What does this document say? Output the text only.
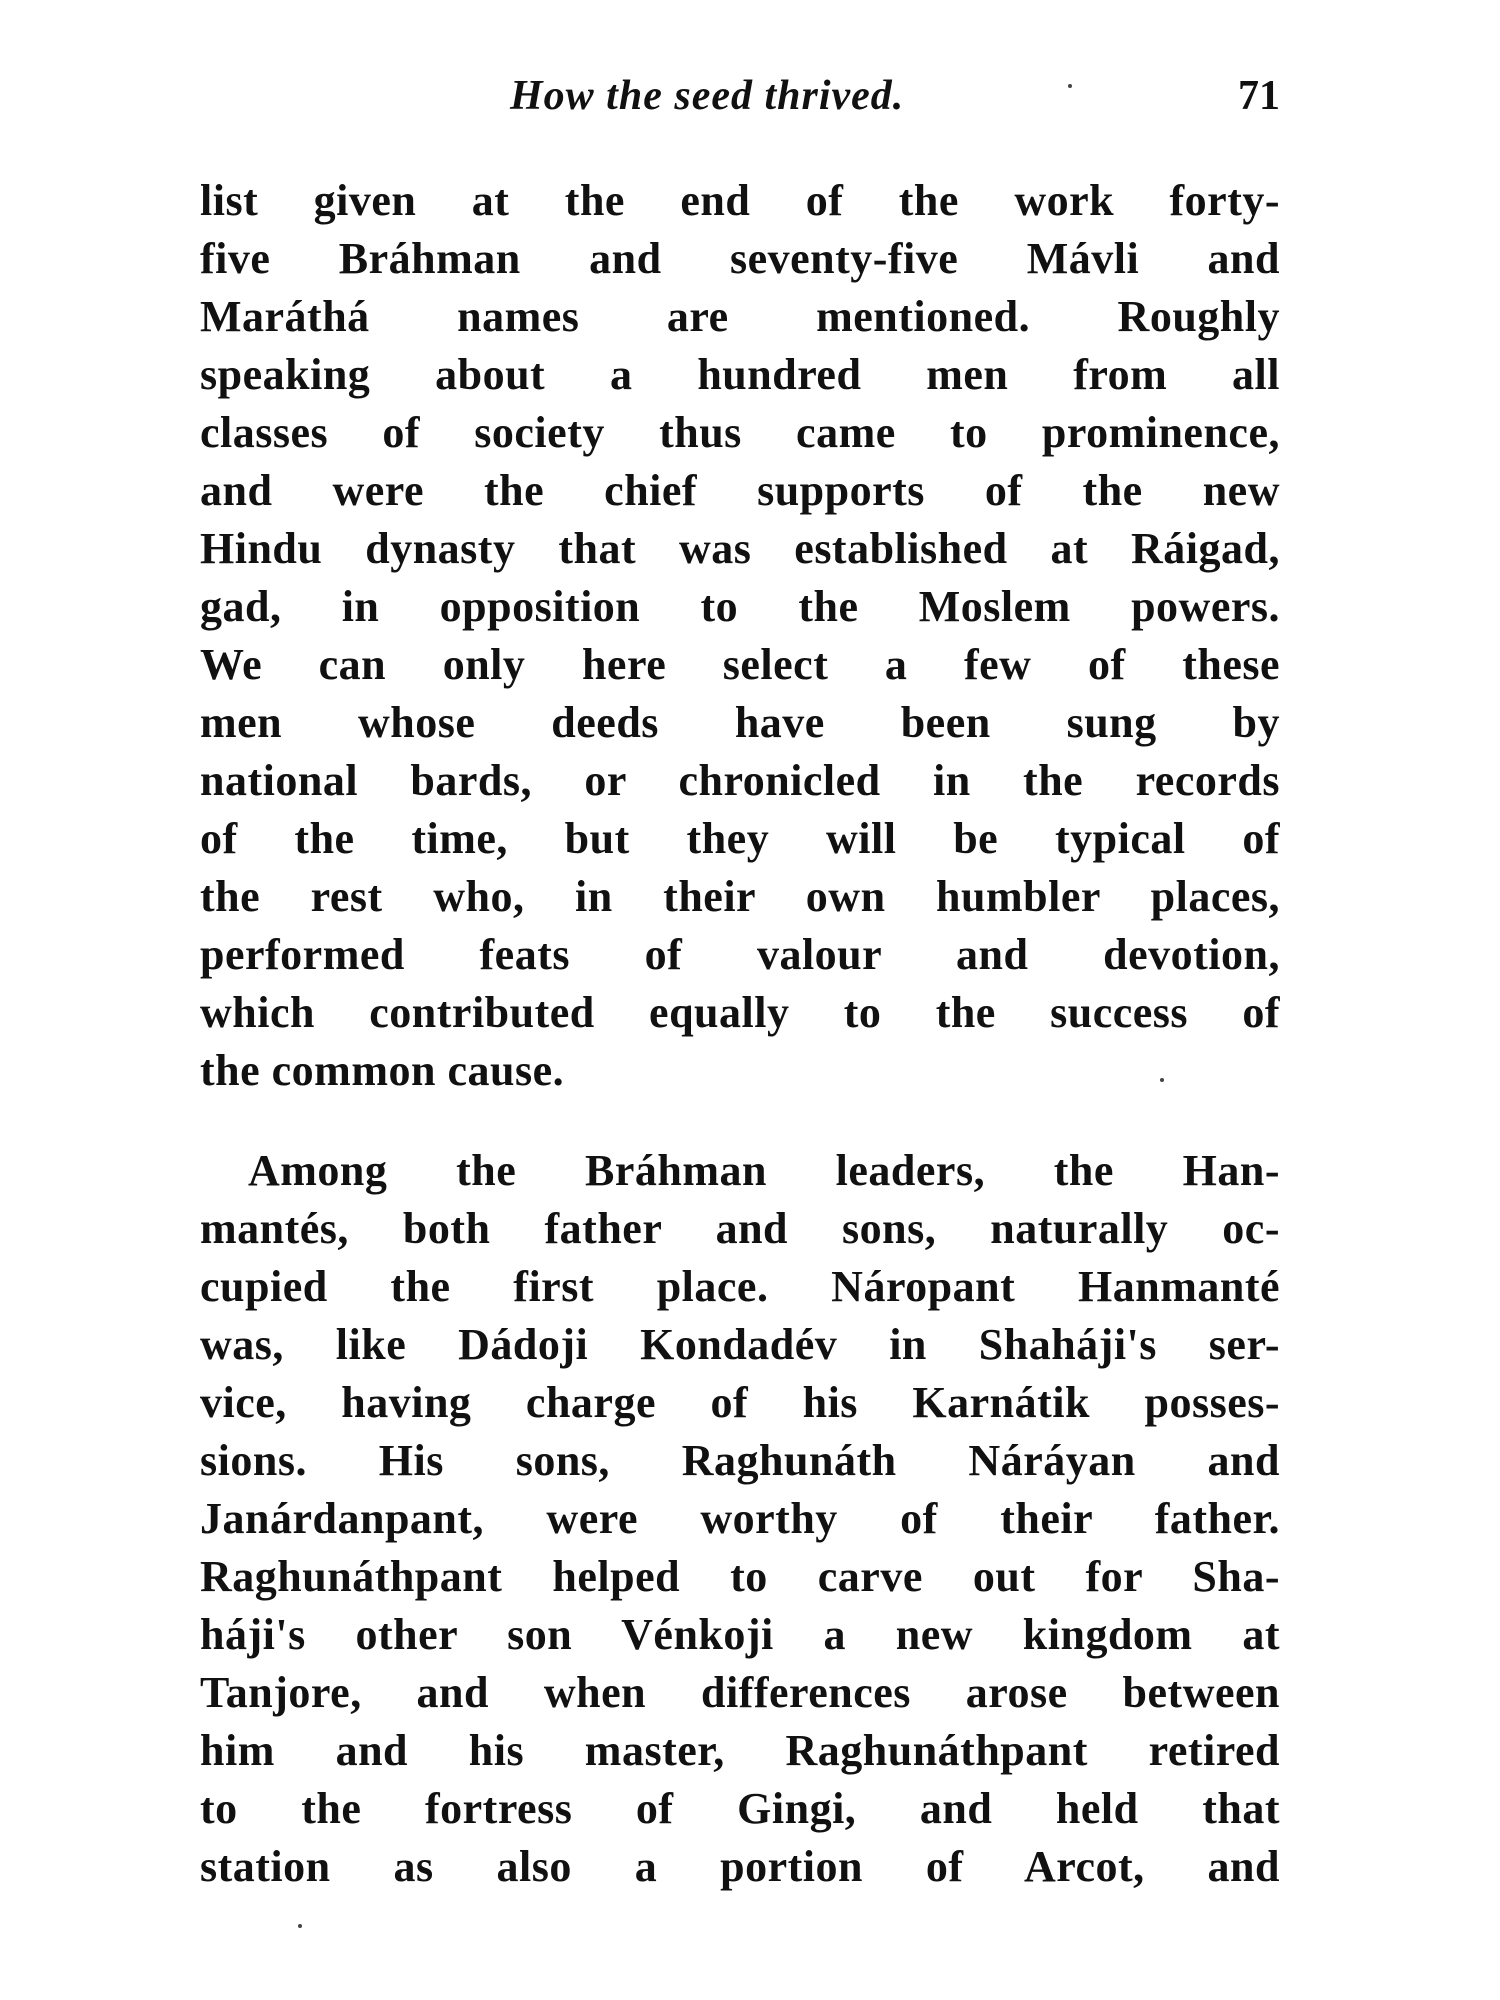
How the seed thrived.	71
list given at the end of the work forty-
five Bráhman and seventy-five Mávli and
Maráthá names are mentioned. Roughly
speaking about a hundred men from all
classes of society thus came to prominence,
and were the chief supports of the new
Hindu dynasty that was established at Ráigad,
gad, in opposition to the Moslem powers.
We can only here select a few of these
men whose deeds have been sung by
national bards, or chronicled in the records
of the time, but they will be typical of
the rest who, in their own humbler places,
performed feats of valour and devotion,
which contributed equally to the success of
the common cause.
Among the Bráhman leaders, the Han-
mantés, both father and sons, naturally oc-
cupied the first place. Náropant Hanmanté
was, like Dádoji Kondadév in Shaháji's ser-
vice, having charge of his Karnátik posses-
sions. His sons, Raghunáth Náráyan and
Janárdanpant, were worthy of their father.
Raghunáthpant helped to carve out for Sha-
háji's other son Vénkoji a new kingdom at
Tanjore, and when differences arose between
him and his master, Raghunáthpant retired
to the fortress of Gingi, and held that
station as also a portion of Arcot, and
